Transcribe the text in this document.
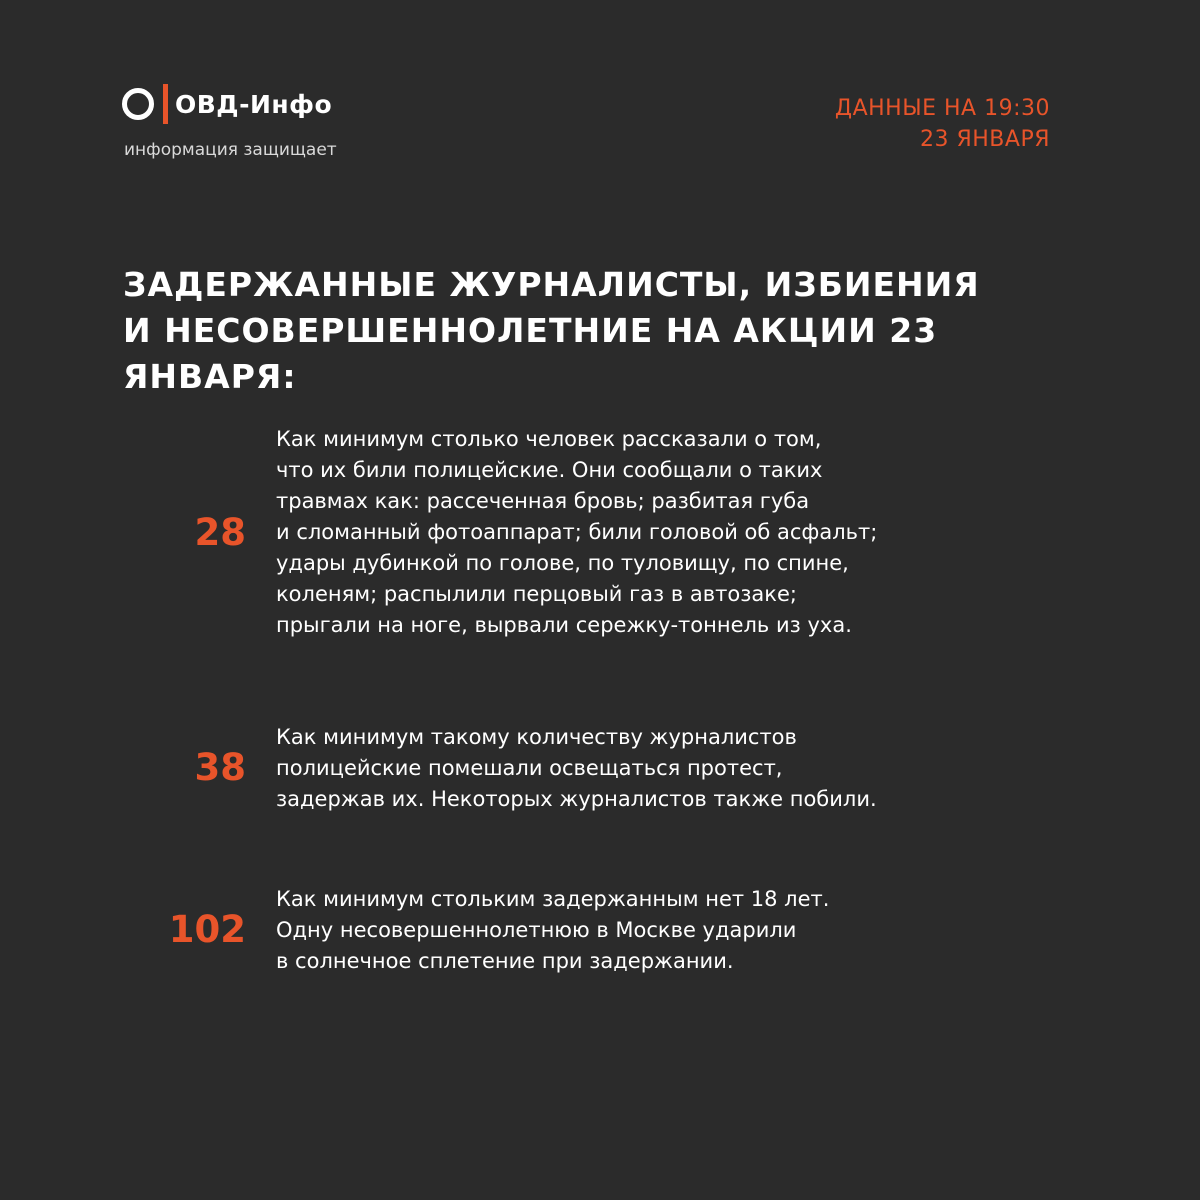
ОВД-Инфо
информация защищает
ДАННЫЕ НА 19:30
23 ЯНВАРЯ
ЗАДЕРЖАННЫЕ ЖУРНАЛИСТЫ, ИЗБИЕНИЯ
И НЕСОВЕРШЕННОЛЕТНИЕ НА АКЦИИ 23 ЯНВАРЯ:
28
Как минимум столько человек рассказали о том,
что их били полицейские. Они сообщали о таких
травмах как: рассеченная бровь; разбитая губа
и сломанный фотоаппарат; били головой об асфальт;
удары дубинкой по голове, по туловищу, по спине,
коленям; распылили перцовый газ в автозаке;
прыгали на ноге, вырвали сережку-тоннель из уха.
38
Как минимум такому количеству журналистов
полицейские помешали освещаться протест,
задержав их. Некоторых журналистов также побили.
102
Как минимум стольким задержанным нет 18 лет.
Одну несовершеннолетнюю в Москве ударили
в солнечное сплетение при задержании.
